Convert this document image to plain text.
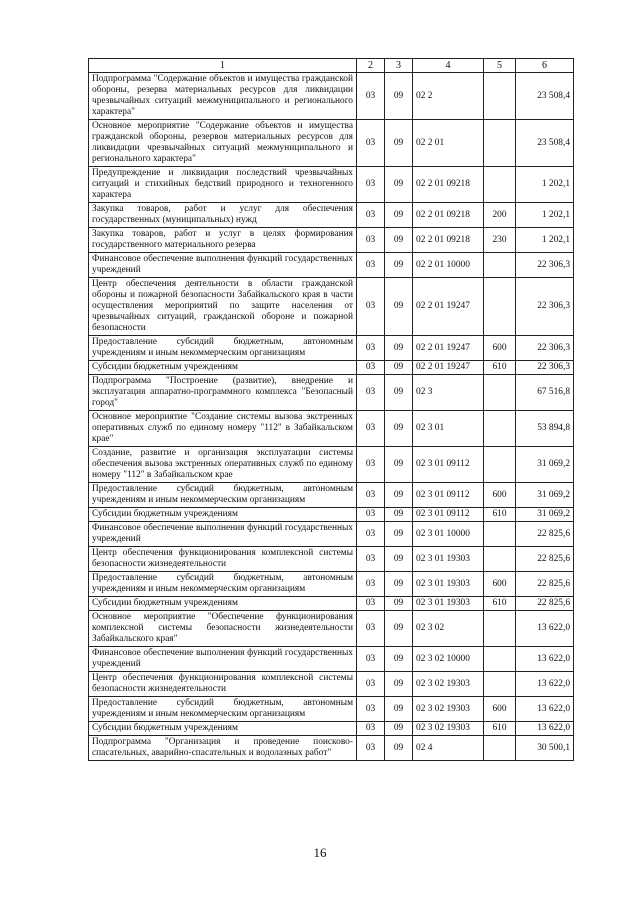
1	2	3	4	5	6
Подпрограмма "Содержание объектов и имущества гражданской обороны, резерва материальных ресурсов для ликвидации чрезвычайных ситуаций межмуниципального и регионального характера"	03	09	02 2		23 508,4
Основное мероприятие "Содержание объектов и имущества гражданской обороны, резервов материальных ресурсов для ликвидации чрезвычайных ситуаций межмуниципального и регионального характера"	03	09	02 2 01		23 508,4
Предупреждение и ликвидация последствий чрезвычайных ситуаций и стихийных бедствий природного и техногенного характера	03	09	02 2 01 09218		1 202,1
Закупка товаров, работ и услуг для обеспечения государственных (муниципальных) нужд	03	09	02 2 01 09218	200	1 202,1
Закупка товаров, работ и услуг в целях формирования государственного материального резерва	03	09	02 2 01 09218	230	1 202,1
Финансовое обеспечение выполнения функций государственных учреждений	03	09	02 2 01 10000		22 306,3
Центр обеспечения деятельности в области гражданской обороны и пожарной безопасности Забайкальского края в части осуществления мероприятий по защите населения от чрезвычайных ситуаций, гражданской обороне и пожарной безопасности	03	09	02 2 01 19247		22 306,3
Предоставление субсидий бюджетным, автономным учреждениям и иным некоммерческим организациям	03	09	02 2 01 19247	600	22 306,3
Субсидии бюджетным учреждениям	03	09	02 2 01 19247	610	22 306,3
Подпрограмма "Построение (развитие), внедрение и эксплуатация аппаратно-программного комплекса "Безопасный город"	03	09	02 3		67 516,8
Основное мероприятие "Создание системы вызова экстренных оперативных служб по единому номеру "112" в Забайкальском крае"	03	09	02 3 01		53 894,8
Создание, развитие и организация эксплуатации системы обеспечения вызова экстренных оперативных служб по единому номеру "112" в Забайкальском крае	03	09	02 3 01 09112		31 069,2
Предоставление субсидий бюджетным, автономным учреждениям и иным некоммерческим организациям	03	09	02 3 01 09112	600	31 069,2
Субсидии бюджетным учреждениям	03	09	02 3 01 09112	610	31 069,2
Финансовое обеспечение выполнения функций государственных учреждений	03	09	02 3 01 10000		22 825,6
Центр обеспечения функционирования комплексной системы безопасности жизнедеятельности	03	09	02 3 01 19303		22 825,6
Предоставление субсидий бюджетным, автономным учреждениям и иным некоммерческим организациям	03	09	02 3 01 19303	600	22 825,6
Субсидии бюджетным учреждениям	03	09	02 3 01 19303	610	22 825,6
Основное мероприятие "Обеспечение функционирования комплексной системы безопасности жизнедеятельности Забайкальского края"	03	09	02 3 02		13 622,0
Финансовое обеспечение выполнения функций государственных учреждений	03	09	02 3 02 10000		13 622,0
Центр обеспечения функционирования комплексной системы безопасности жизнедеятельности	03	09	02 3 02 19303		13 622,0
Предоставление субсидий бюджетным, автономным учреждениям и иным некоммерческим организациям	03	09	02 3 02 19303	600	13 622,0
Субсидии бюджетным учреждениям	03	09	02 3 02 19303	610	13 622,0
Подпрограмма "Организация и проведение поисково-спасательных, аварийно-спасательных и водолазных работ"	03	09	02 4		30 500,1
16
